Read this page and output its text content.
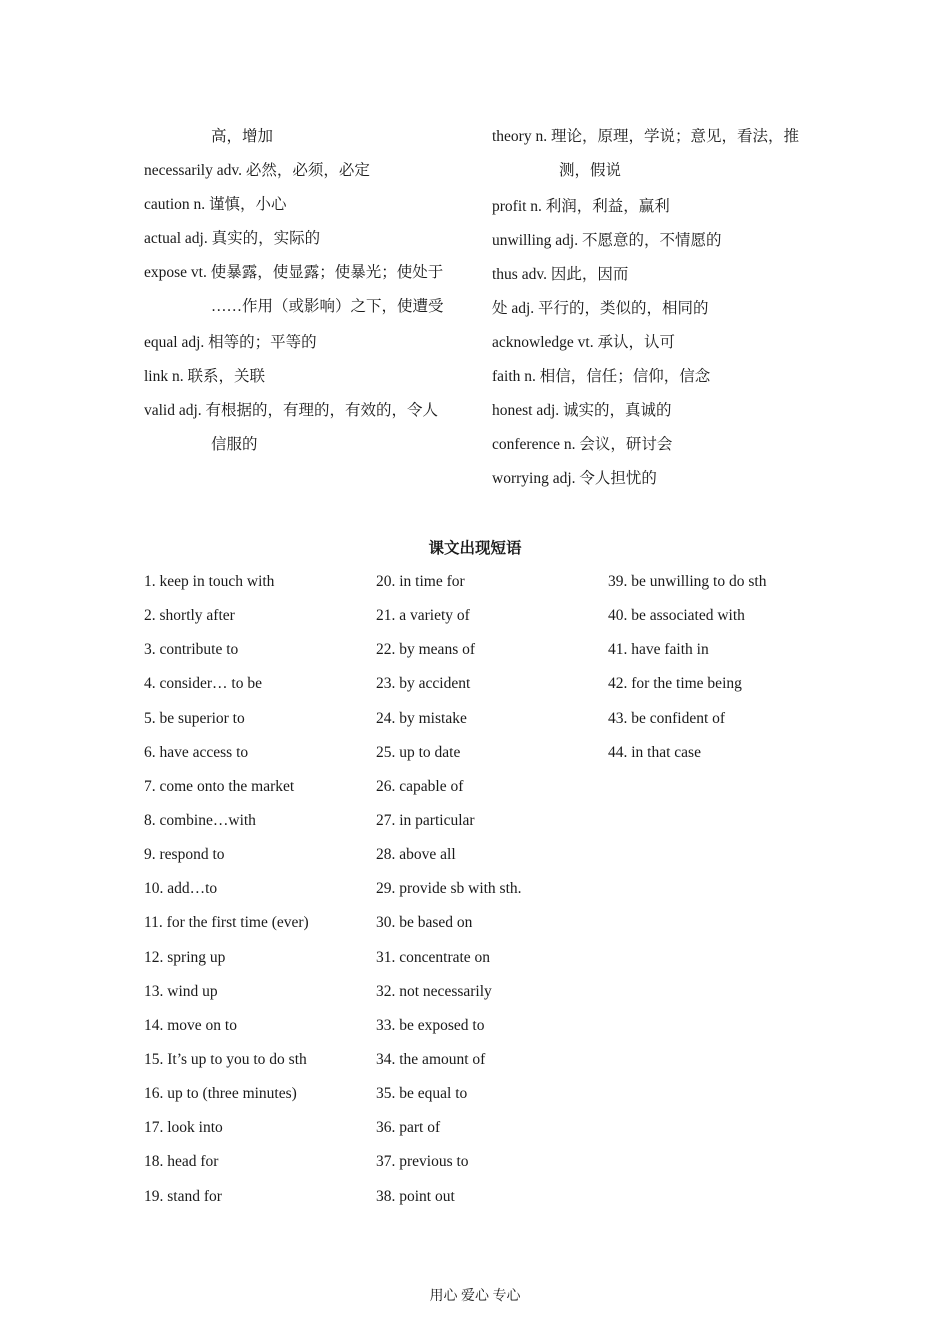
高，增加
necessarily adv. 必然，必须，必定
caution n. 谨慎，小心
actual adj. 真实的，实际的
expose vt. 使暴露，使显露；使暴光；使处于
……作用（或影响）之下，使遭受
equal adj. 相等的；平等的
link n. 联系，关联
valid adj. 有根据的，有理的，有效的，令人
信服的
theory n. 理论，原理，学说；意见，看法，推
测，假说
profit n. 利润，利益，赢利
unwilling adj. 不愿意的，不情愿的
thus adv. 因此，因而
处 adj. 平行的，类似的，相同的
acknowledge vt. 承认，认可
faith n. 相信，信任；信仰，信念
honest adj. 诚实的，真诚的
conference n. 会议，研讨会
worrying adj. 令人担忧的
课文出现短语
1. keep in touch with
2. shortly after
3. contribute to
4. consider… to be
5. be superior to
6. have access to
7. come onto the market
8. combine…with
9. respond to
10. add…to
11. for the first time (ever)
12. spring up
13. wind up
14. move on to
15. It’s up to you to do sth
16. up to (three minutes)
17. look into
18. head for
19. stand for
20. in time for
21. a variety of
22. by means of
23. by accident
24. by mistake
25. up to date
26. capable of
27. in particular
28. above all
29. provide sb with sth.
30. be based on
31. concentrate on
32. not necessarily
33. be exposed to
34. the amount of
35. be equal to
36. part of
37. previous to
38. point out
39. be unwilling to do sth
40. be associated with
41. have faith in
42. for the time being
43. be confident of
44. in that case
用心 爱心 专心
